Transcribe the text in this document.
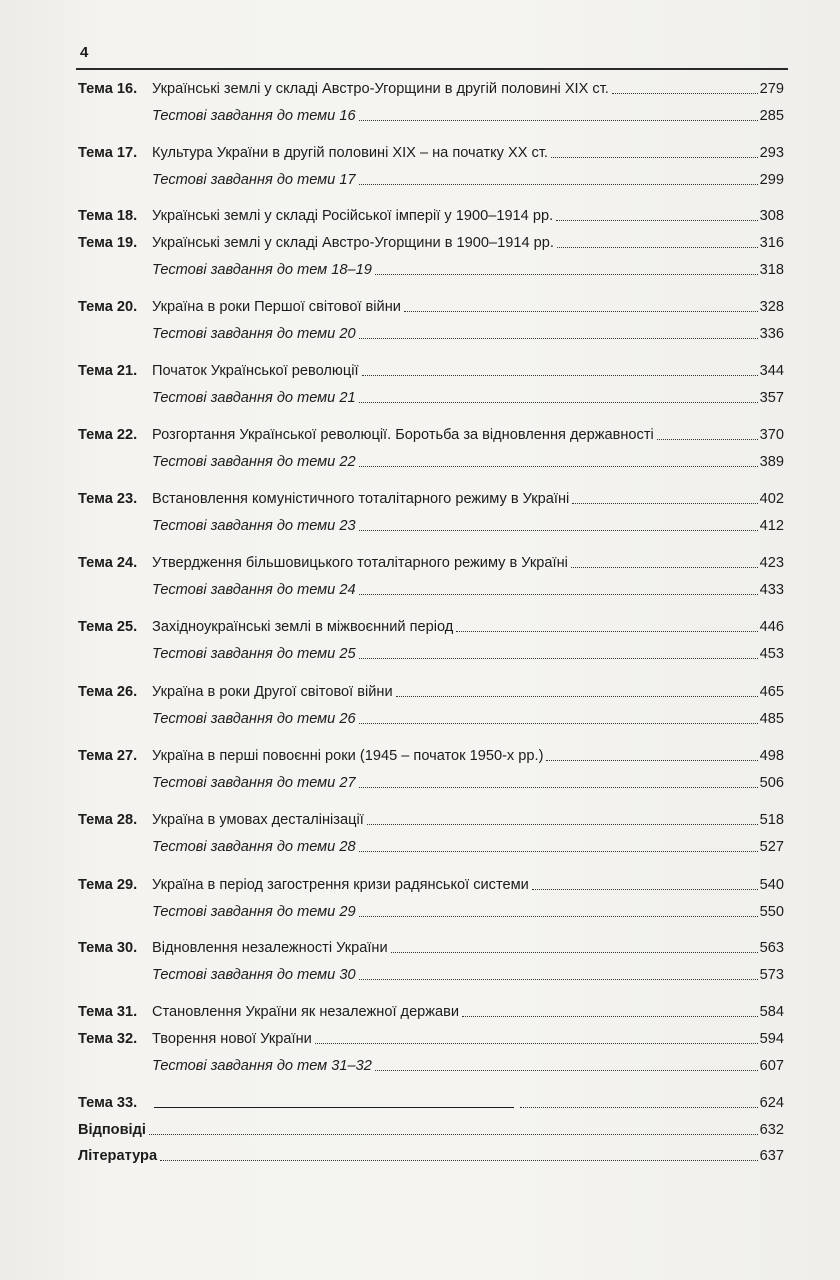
4
Тема 16.	Українські землі у складі Австро-Угорщини в другій половині XIX ст.	279
Тестові завдання до теми 16	285
Тема 17.	Культура України в другій половині XIX – на початку XX ст.	293
Тестові завдання до теми 17	299
Тема 18.	Українські землі у складі Російської імперії у 1900–1914 рр.	308
Тема 19.	Українські землі у складі Австро-Угорщини в 1900–1914 рр.	316
Тестові завдання до тем 18–19	318
Тема 20.	Україна в роки Першої світової війни	328
Тестові завдання до теми 20	336
Тема 21.	Початок Української революції	344
Тестові завдання до теми 21	357
Тема 22.	Розгортання Української революції. Боротьба за відновлення державності	370
Тестові завдання до теми 22	389
Тема 23.	Встановлення комуністичного тоталітарного режиму в Україні	402
Тестові завдання до теми 23	412
Тема 24.	Утвердження більшовицького тоталітарного режиму в Україні	423
Тестові завдання до теми 24	433
Тема 25.	Західноукраїнські землі в міжвоєнний період	446
Тестові завдання до теми 25	453
Тема 26.	Україна в роки Другої світової війни	465
Тестові завдання до теми 26	485
Тема 27.	Україна в перші повоєнні роки (1945 – початок 1950-х рр.)	498
Тестові завдання до теми 27	506
Тема 28.	Україна в умовах десталінізації	518
Тестові завдання до теми 28	527
Тема 29.	Україна в період загострення кризи радянської системи	540
Тестові завдання до теми 29	550
Тема 30.	Відновлення незалежності України	563
Тестові завдання до теми 30	573
Тема 31.	Становлення України як незалежної держави	584
Тема 32.	Творення нової України	594
Тестові завдання до тем 31–32	607
Тема 33.	624
Відповіді	632
Література	637
